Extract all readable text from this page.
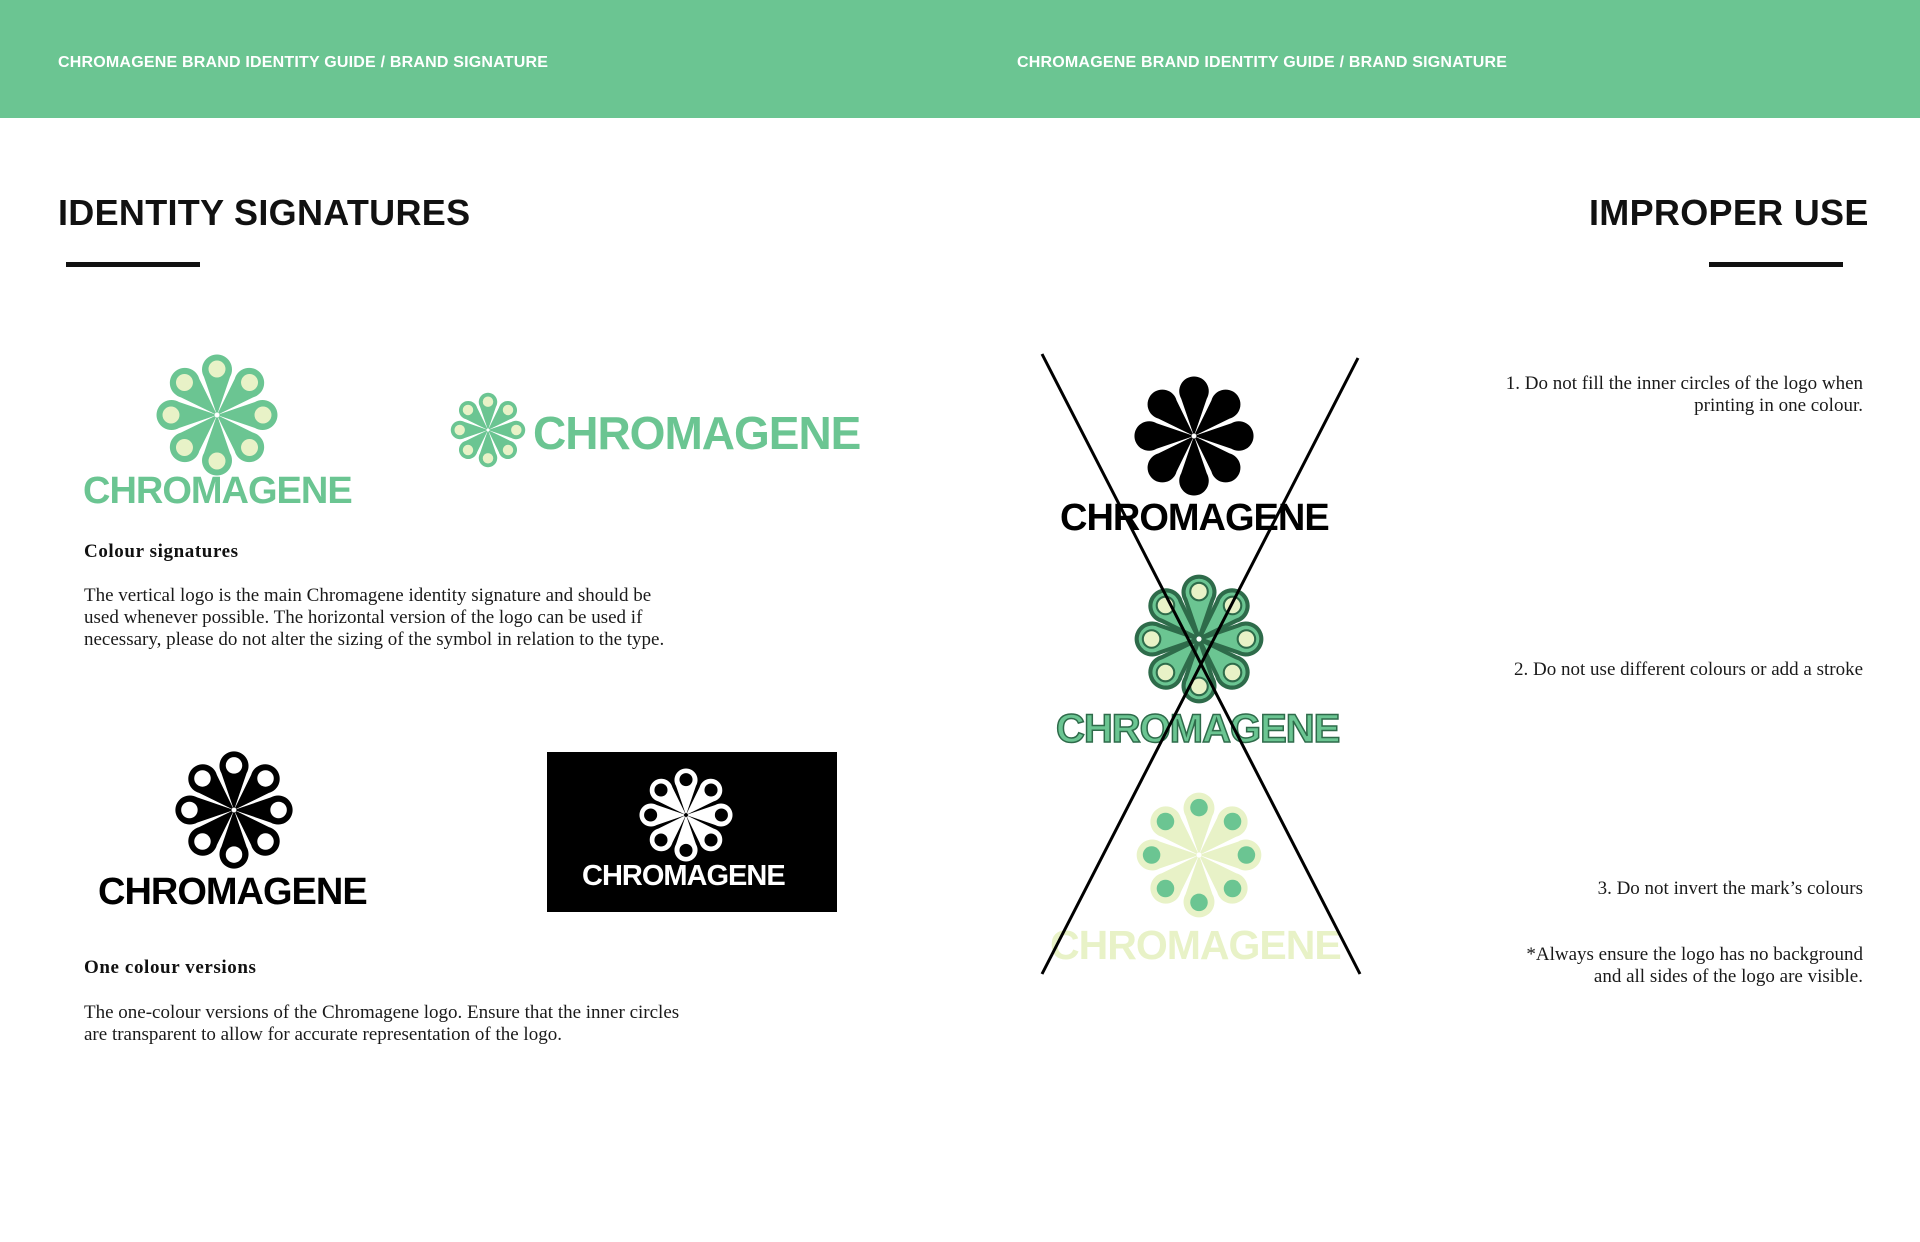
CHROMAGENE BRAND IDENTITY GUIDE / BRAND SIGNATURE	CHROMAGENE BRAND IDENTITY GUIDE / BRAND SIGNATURE
IDENTITY SIGNATURES
CHROMAGENE
CHROMAGENE
Colour signatures
The vertical logo is the main Chromagene identity signature and should be
used whenever possible. The horizontal version of the logo can be used if
necessary, please do not alter the sizing of the symbol in relation to the type.
CHROMAGENE	CHROMAGENE
One colour versions
The one-colour versions of the Chromagene logo. Ensure that the inner circles
are transparent to allow for accurate representation of the logo.
IMPROPER USE
CHROMAGENE
CHROMAGENE
CHROMAGENE
1. Do not fill the inner circles of the logo when
printing in one colour.
2. Do not use different colours or add a stroke
3. Do not invert the mark’s colours
*Always ensure the logo has no background
and all sides of the logo are visible.
